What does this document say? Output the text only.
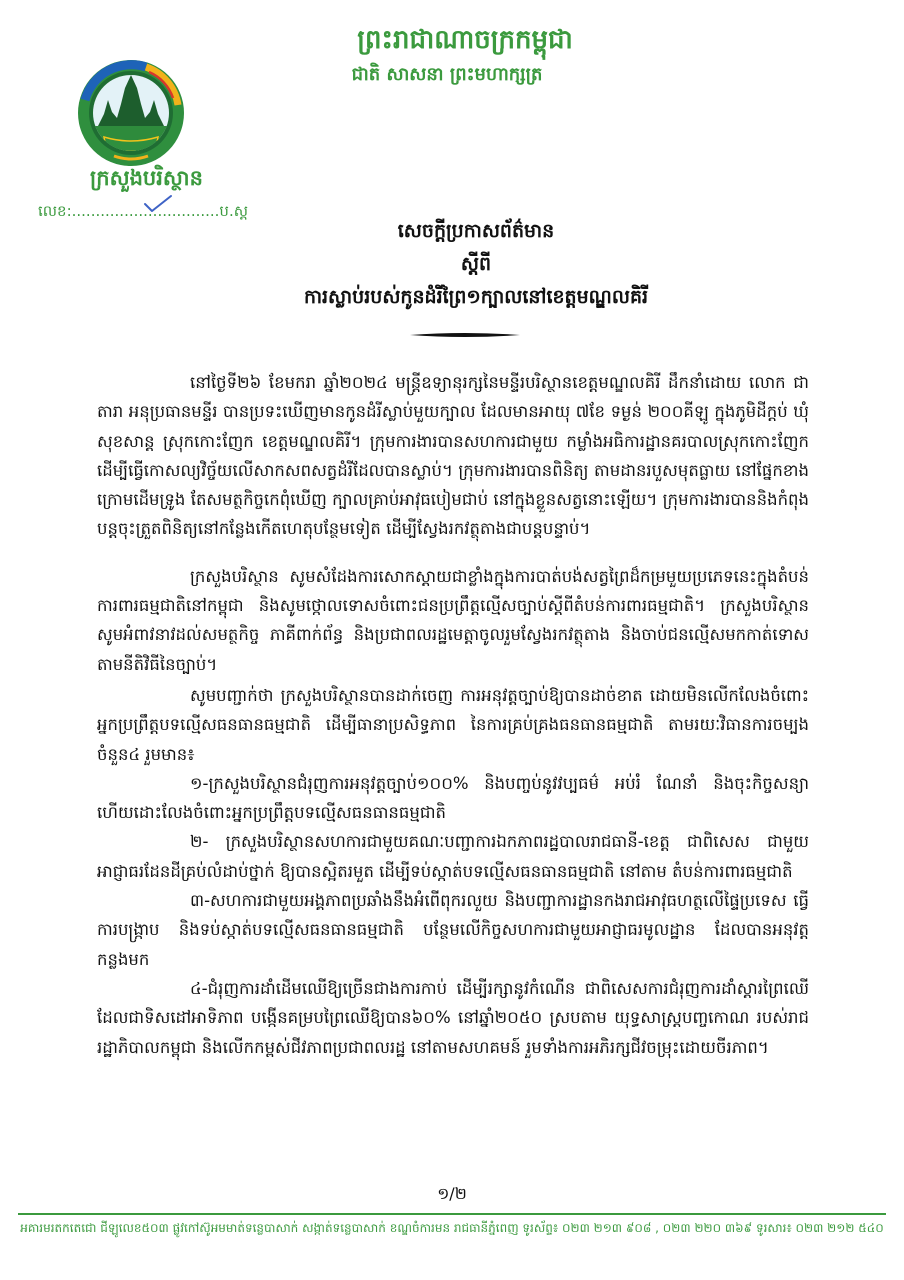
ព្រះរាជាណាចក្រកម្ពុជា
ជាតិ សាសនា ព្រះមហាក្សត្រ
ក្រសួងបរិស្ថាន
លេខ:...............................ប.ស្ត
សេចក្តីប្រកាសព័ត៌មាន
ស្តីពី
ការស្លាប់របស់កូនដំរីព្រៃ១ក្បាលនៅខេត្តមណ្ឌលគិរី

នៅថ្ងៃទី២៦ ខែមករា ឆ្នាំ២០២៤ មន្ត្រីឧទ្យានុរក្សនៃមន្ទីរបរិស្ថានខេត្តមណ្ឌលគិរី ដឹកនាំដោយ លោក ជា តារា អនុប្រធានមន្ទីរ បានប្រទះឃើញមានកូនដំរីស្លាប់មួយក្បាល ដែលមានអាយុ ៧ខែ ទម្ងន់ ២០០គីឡូ ក្នុងភូមិដីក្តប់ ឃុំសុខសាន្ត ស្រុកកោះញែក ខេត្តមណ្ឌលគិរី។ ក្រុមការងារបានសហការជាមួយ កម្លាំងអធិការដ្ឋានគរបាលស្រុកកោះញែក ដើម្បីធ្វើកោសល្យវិច្ច័យលើសាកសពសត្វដំរីដែលបានស្លាប់។ ក្រុមការងារបានពិនិត្យ តាមដានរបួសមុតធ្លាយ នៅផ្នែកខាងក្រោមដើមទ្រូង តែសមត្ថកិច្ចកេពុំឃើញ ក្បាលគ្រាប់អាវុធបៀមជាប់ នៅក្នុងខ្លួនសត្វនោះឡើយ។ ក្រុមការងារបាននិងកំពុងបន្តចុះត្រួតពិនិត្យនៅកន្លែងកើតហេតុបន្ថែមទៀត ដើម្បីស្វែងរកវត្ថុតាងជាបន្តបន្ទាប់។

ក្រសួងបរិស្ថាន សូមសំដែងការសោកស្តាយជាខ្លាំងក្នុងការបាត់បង់សត្វព្រៃដ៏កម្រមួយប្រភេទនេះក្នុងតំបន់ការពារធម្មជាតិនៅកម្ពុជា និងសូមថ្កោលទោសចំពោះជនប្រព្រឹត្តល្មើសច្បាប់ស្តីពីតំបន់ការពារធម្មជាតិ។ ក្រសួងបរិស្ថានសូមអំពាវនាវដល់សមត្ថកិច្ច ភាគីពាក់ព័ន្ធ និងប្រជាពលរដ្ឋមេត្តាចូលរួមស្វែងរកវត្ថុតាង និងចាប់ជនល្មើសមកកាត់ទោសតាមនីតិវិធីនៃច្បាប់។

សូមបញ្ជាក់ថា ក្រសួងបរិស្ថានបានដាក់ចេញ ការអនុវត្តច្បាប់ឱ្យបានដាច់ខាត ដោយមិនលើកលែងចំពោះអ្នកប្រព្រឹត្តបទល្មើសធនធានធម្មជាតិ ដើម្បីធានាប្រសិទ្ធភាព នៃការគ្រប់គ្រងធនធានធម្មជាតិ តាមរយៈវិធានការចម្បង ចំនួន៤ រួមមាន៖

១-ក្រសួងបរិស្ថានជំរុញការអនុវត្តច្បាប់១០០% និងបញ្ចប់នូវវប្បធម៌ អប់រំ ណែនាំ និងចុះកិច្ចសន្យា ហើយដោះលែងចំពោះអ្នកប្រព្រឹត្តបទល្មើសធនធានធម្មជាតិ

២- ក្រសួងបរិស្ថានសហការជាមួយគណៈបញ្ជាការឯកភាពរដ្ឋបាលរាជធានី-ខេត្ត ជាពិសេស ជាមួយអាជ្ញាធរដែនដីគ្រប់លំដាប់ថ្នាក់ ឱ្យបានស្អិតរមួត ដើម្បីទប់ស្កាត់បទល្មើសធនធានធម្មជាតិ នៅតាម តំបន់ការពារធម្មជាតិ

៣-សហការជាមួយអង្គភាពប្រឆាំងនឹងអំពើពុករលួយ និងបញ្ជាការដ្ឋានកងរាជអាវុធហត្ថលើផ្ទៃប្រទេស ធ្វើការបង្ក្រាប និងទប់ស្កាត់បទល្មើសធនធានធម្មជាតិ បន្ថែមលើកិច្ចសហការជាមួយអាជ្ញាធរមូលដ្ឋាន ដែលបានអនុវត្តកន្លងមក

៤-ជំរុញការដាំដើមឈើឱ្យច្រើនជាងការកាប់ ដើម្បីរក្សានូវកំណើន ជាពិសេសការជំរុញការដាំស្តារព្រៃឈើ ដែលជាទិសដៅអាទិភាព បង្កើនគម្របព្រៃឈើឱ្យបាន៦០% នៅឆ្នាំ២០៥០ ស្របតាម យុទ្ធសាស្ត្របញ្ចកោណ របស់រាជរដ្ឋាភិបាលកម្ពុជា និងលើកកម្ពស់ជីវភាពប្រជាពលរដ្ឋ នៅតាមសហគមន៍ រួមទាំងការអភិរក្សជីវចម្រុះដោយចីរភាព។

១/២
អគារមរតកតេជោ ជីឡូលេខ៥០៣ ផ្លូវកៅស៊ូអមមាត់ទន្លេបាសាក់ សង្កាត់ទន្លេបាសាក់ ខណ្ឌចំការមន រាជធានីភ្នំពេញ ទូរស័ព្ទ៖ ០២៣ ២១៣ ៩០៨ , ០២៣ ២២០ ៣៦៩ ទូរសារ៖ ០២៣ ២១២ ៥៤០
